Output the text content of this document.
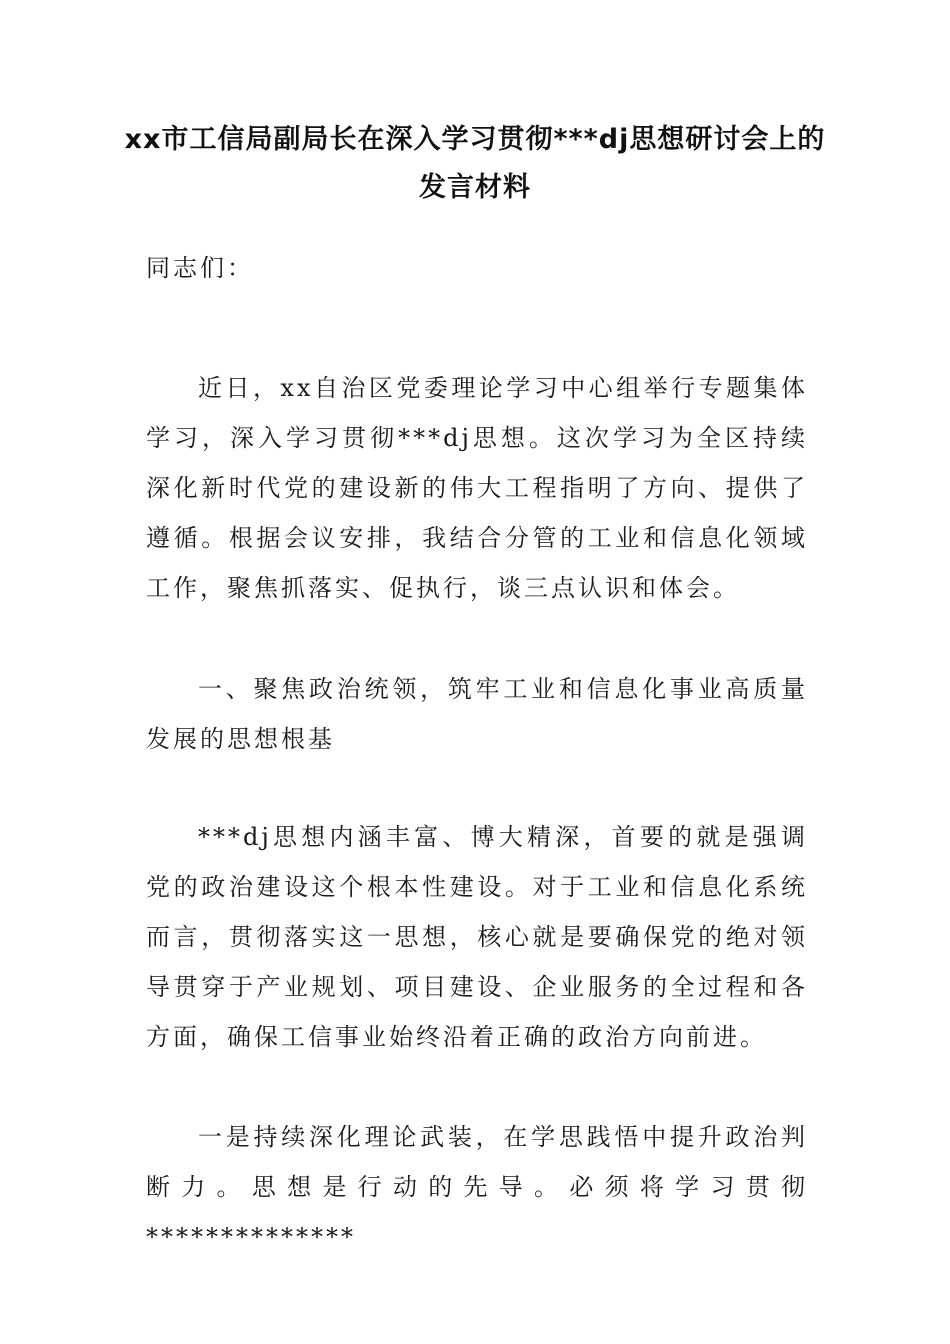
xx市工信局副局长在深入学习贯彻***dj思想研讨会上的发言材料

同志们：

近日，xx自治区党委理论学习中心组举行专题集体学习，深入学习贯彻***dj思想。这次学习为全区持续深化新时代党的建设新的伟大工程指明了方向、提供了遵循。根据会议安排，我结合分管的工业和信息化领域工作，聚焦抓落实、促执行，谈三点认识和体会。

一、聚焦政治统领，筑牢工业和信息化事业高质量发展的思想根基

***dj思想内涵丰富、博大精深，首要的就是强调党的政治建设这个根本性建设。对于工业和信息化系统而言，贯彻落实这一思想，核心就是要确保党的绝对领导贯穿于产业规划、项目建设、企业服务的全过程和各方面，确保工信事业始终沿着正确的政治方向前进。

一是持续深化理论武装，在学思践悟中提升政治判断力。思想是行动的先导。必须将学习贯彻**************
